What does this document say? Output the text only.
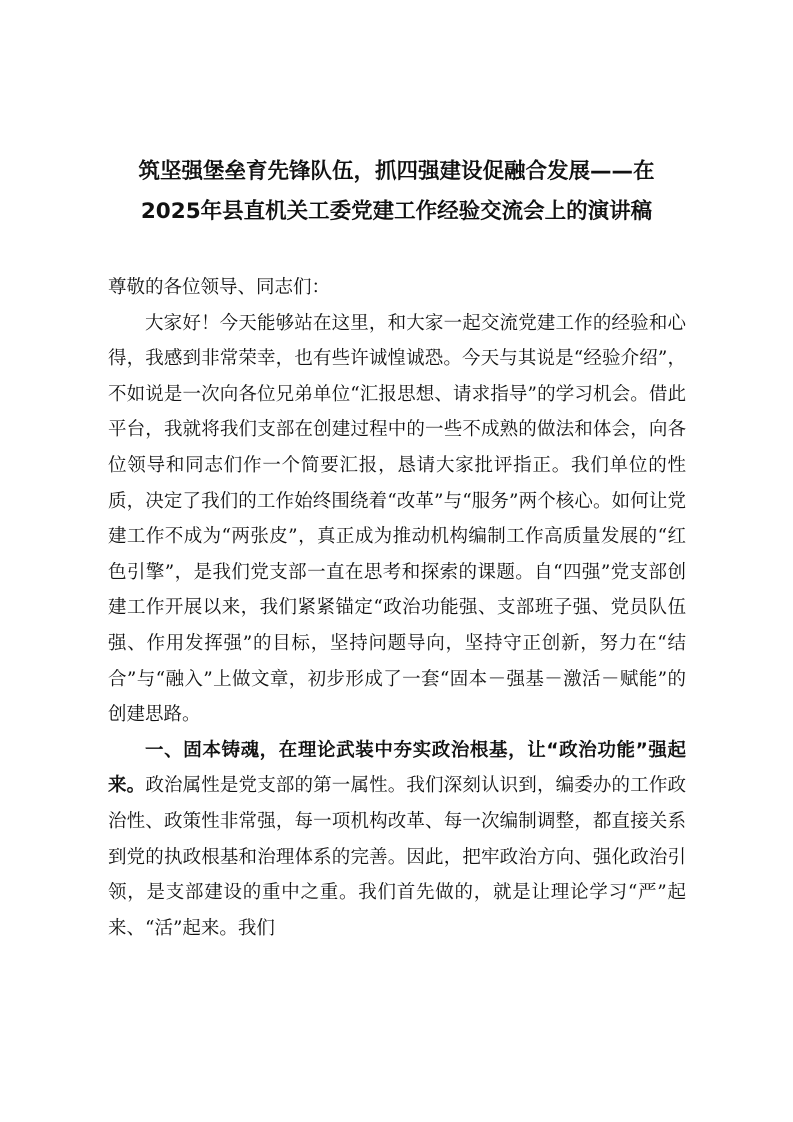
筑坚强堡垒育先锋队伍，抓四强建设促融合发展——在
2025年县直机关工委党建工作经验交流会上的演讲稿
尊敬的各位领导、同志们：

大家好！今天能够站在这里，和大家一起交流党建工作的经验和心得，我感到非常荣幸，也有些许诚惶诚恐。今天与其说是“经验介绍”，不如说是一次向各位兄弟单位“汇报思想、请求指导”的学习机会。借此平台，我就将我们支部在创建过程中的一些不成熟的做法和体会，向各位领导和同志们作一个简要汇报，恳请大家批评指正。我们单位的性质，决定了我们的工作始终围绕着“改革”与“服务”两个核心。如何让党建工作不成为“两张皮”，真正成为推动机构编制工作高质量发展的“红色引擎”，是我们党支部一直在思考和探索的课题。自“四强”党支部创建工作开展以来，我们紧紧锚定“政治功能强、支部班子强、党员队伍强、作用发挥强”的目标，坚持问题导向，坚持守正创新，努力在“结合”与“融入”上做文章，初步形成了一套“固本－强基－激活－赋能”的创建思路。

一、固本铸魂，在理论武装中夯实政治根基，让“政治功能”强起来。政治属性是党支部的第一属性。我们深刻认识到，编委办的工作政治性、政策性非常强，每一项机构改革、每一次编制调整，都直接关系到党的执政根基和治理体系的完善。因此，把牢政治方向、强化政治引领，是支部建设的重中之重。我们首先做的，就是让理论学习“严”起来、“活”起来。我们
